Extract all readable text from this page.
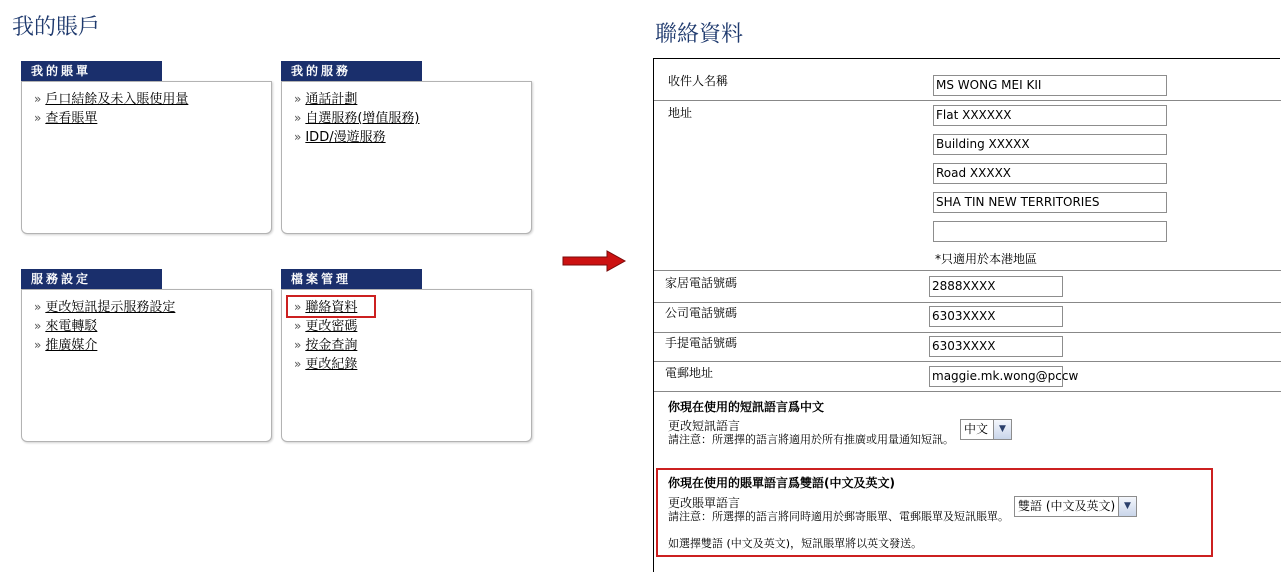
我的賬戶
我的賬單
» 戶口結餘及未入賬使用量
» 查看賬單
我的服務
» 通話計劃
» 自選服務(增值服務)
» IDD/漫遊服務
服務設定
» 更改短訊提示服務設定
» 來電轉駁
» 推廣媒介
檔案管理
» 聯絡資料
» 更改密碼
» 按金查詢
» 更改紀錄
聯絡資料
收件人名稱	MS WONG MEI KII
地址	Flat XXXXXX
Building XXXXX
Road XXXXX
SHA TIN NEW TERRITORIES
*只適用於本港地區
家居電話號碼	2888XXXX
公司電話號碼	6303XXXX
手提電話號碼	6303XXXX
電郵地址	maggie.mk.wong@pccw
你現在使用的短訊語言爲中文
更改短訊語言
請注意：所選擇的語言將適用於所有推廣或用量通知短訊。
中文	▼
你現在使用的賬單語言爲雙語(中文及英文)
更改賬單語言
請注意：所選擇的語言將同時適用於郵寄賬單、電郵賬單及短訊賬單。
雙語 (中文及英文) ▼
如選擇雙語 (中文及英文)，短訊賬單將以英文發送。
